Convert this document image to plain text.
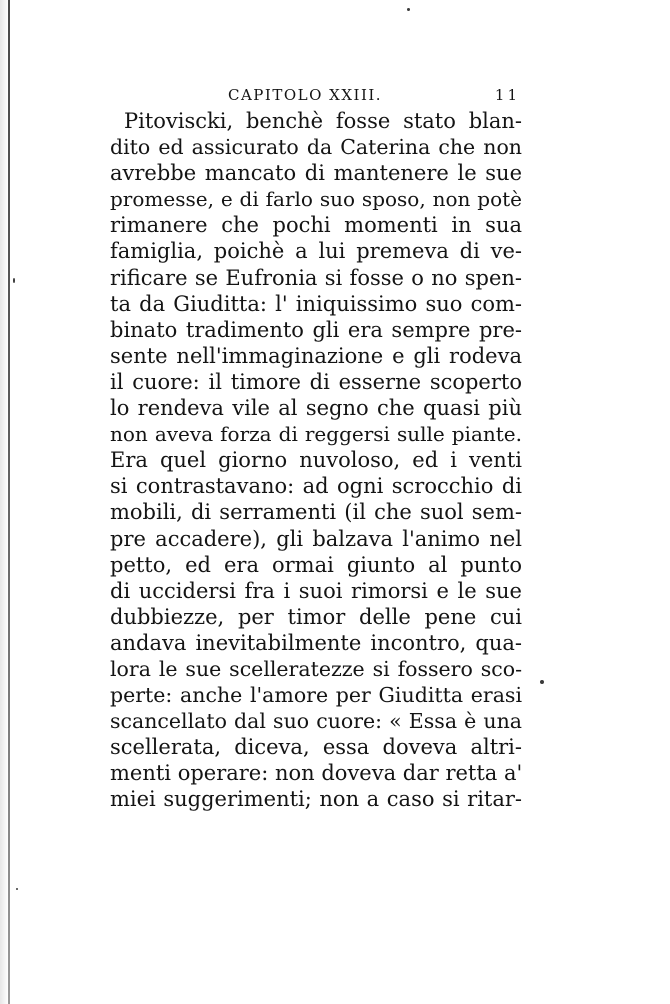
CAPITOLO XXIII.	11
Pitoviscki, benchè fosse stato blan-
dito ed assicurato da Caterina che non
avrebbe mancato di mantenere le sue
promesse, e di farlo suo sposo, non potè
rimanere che pochi momenti in sua
famiglia, poichè a lui premeva di ve-
rificare se Eufronia si fosse o no spen-
ta da Giuditta: l' iniquissimo suo com-
binato tradimento gli era sempre pre-
sente nell'immaginazione e gli rodeva
il cuore: il timore di esserne scoperto
lo rendeva vile al segno che quasi più
non aveva forza di reggersi sulle piante.
Era quel giorno nuvoloso, ed i venti
si contrastavano: ad ogni scrocchio di
mobili, di serramenti (il che suol sem-
pre accadere), gli balzava l'animo nel
petto, ed era ormai giunto al punto
di uccidersi fra i suoi rimorsi e le sue
dubbiezze, per timor delle pene cui
andava inevitabilmente incontro, qua-
lora le sue scelleratezze si fossero sco-
perte: anche l'amore per Giuditta erasi
scancellato dal suo cuore: « Essa è una
scellerata, diceva, essa doveva altri-
menti operare: non doveva dar retta a'
miei suggerimenti; non a caso si ritar-
